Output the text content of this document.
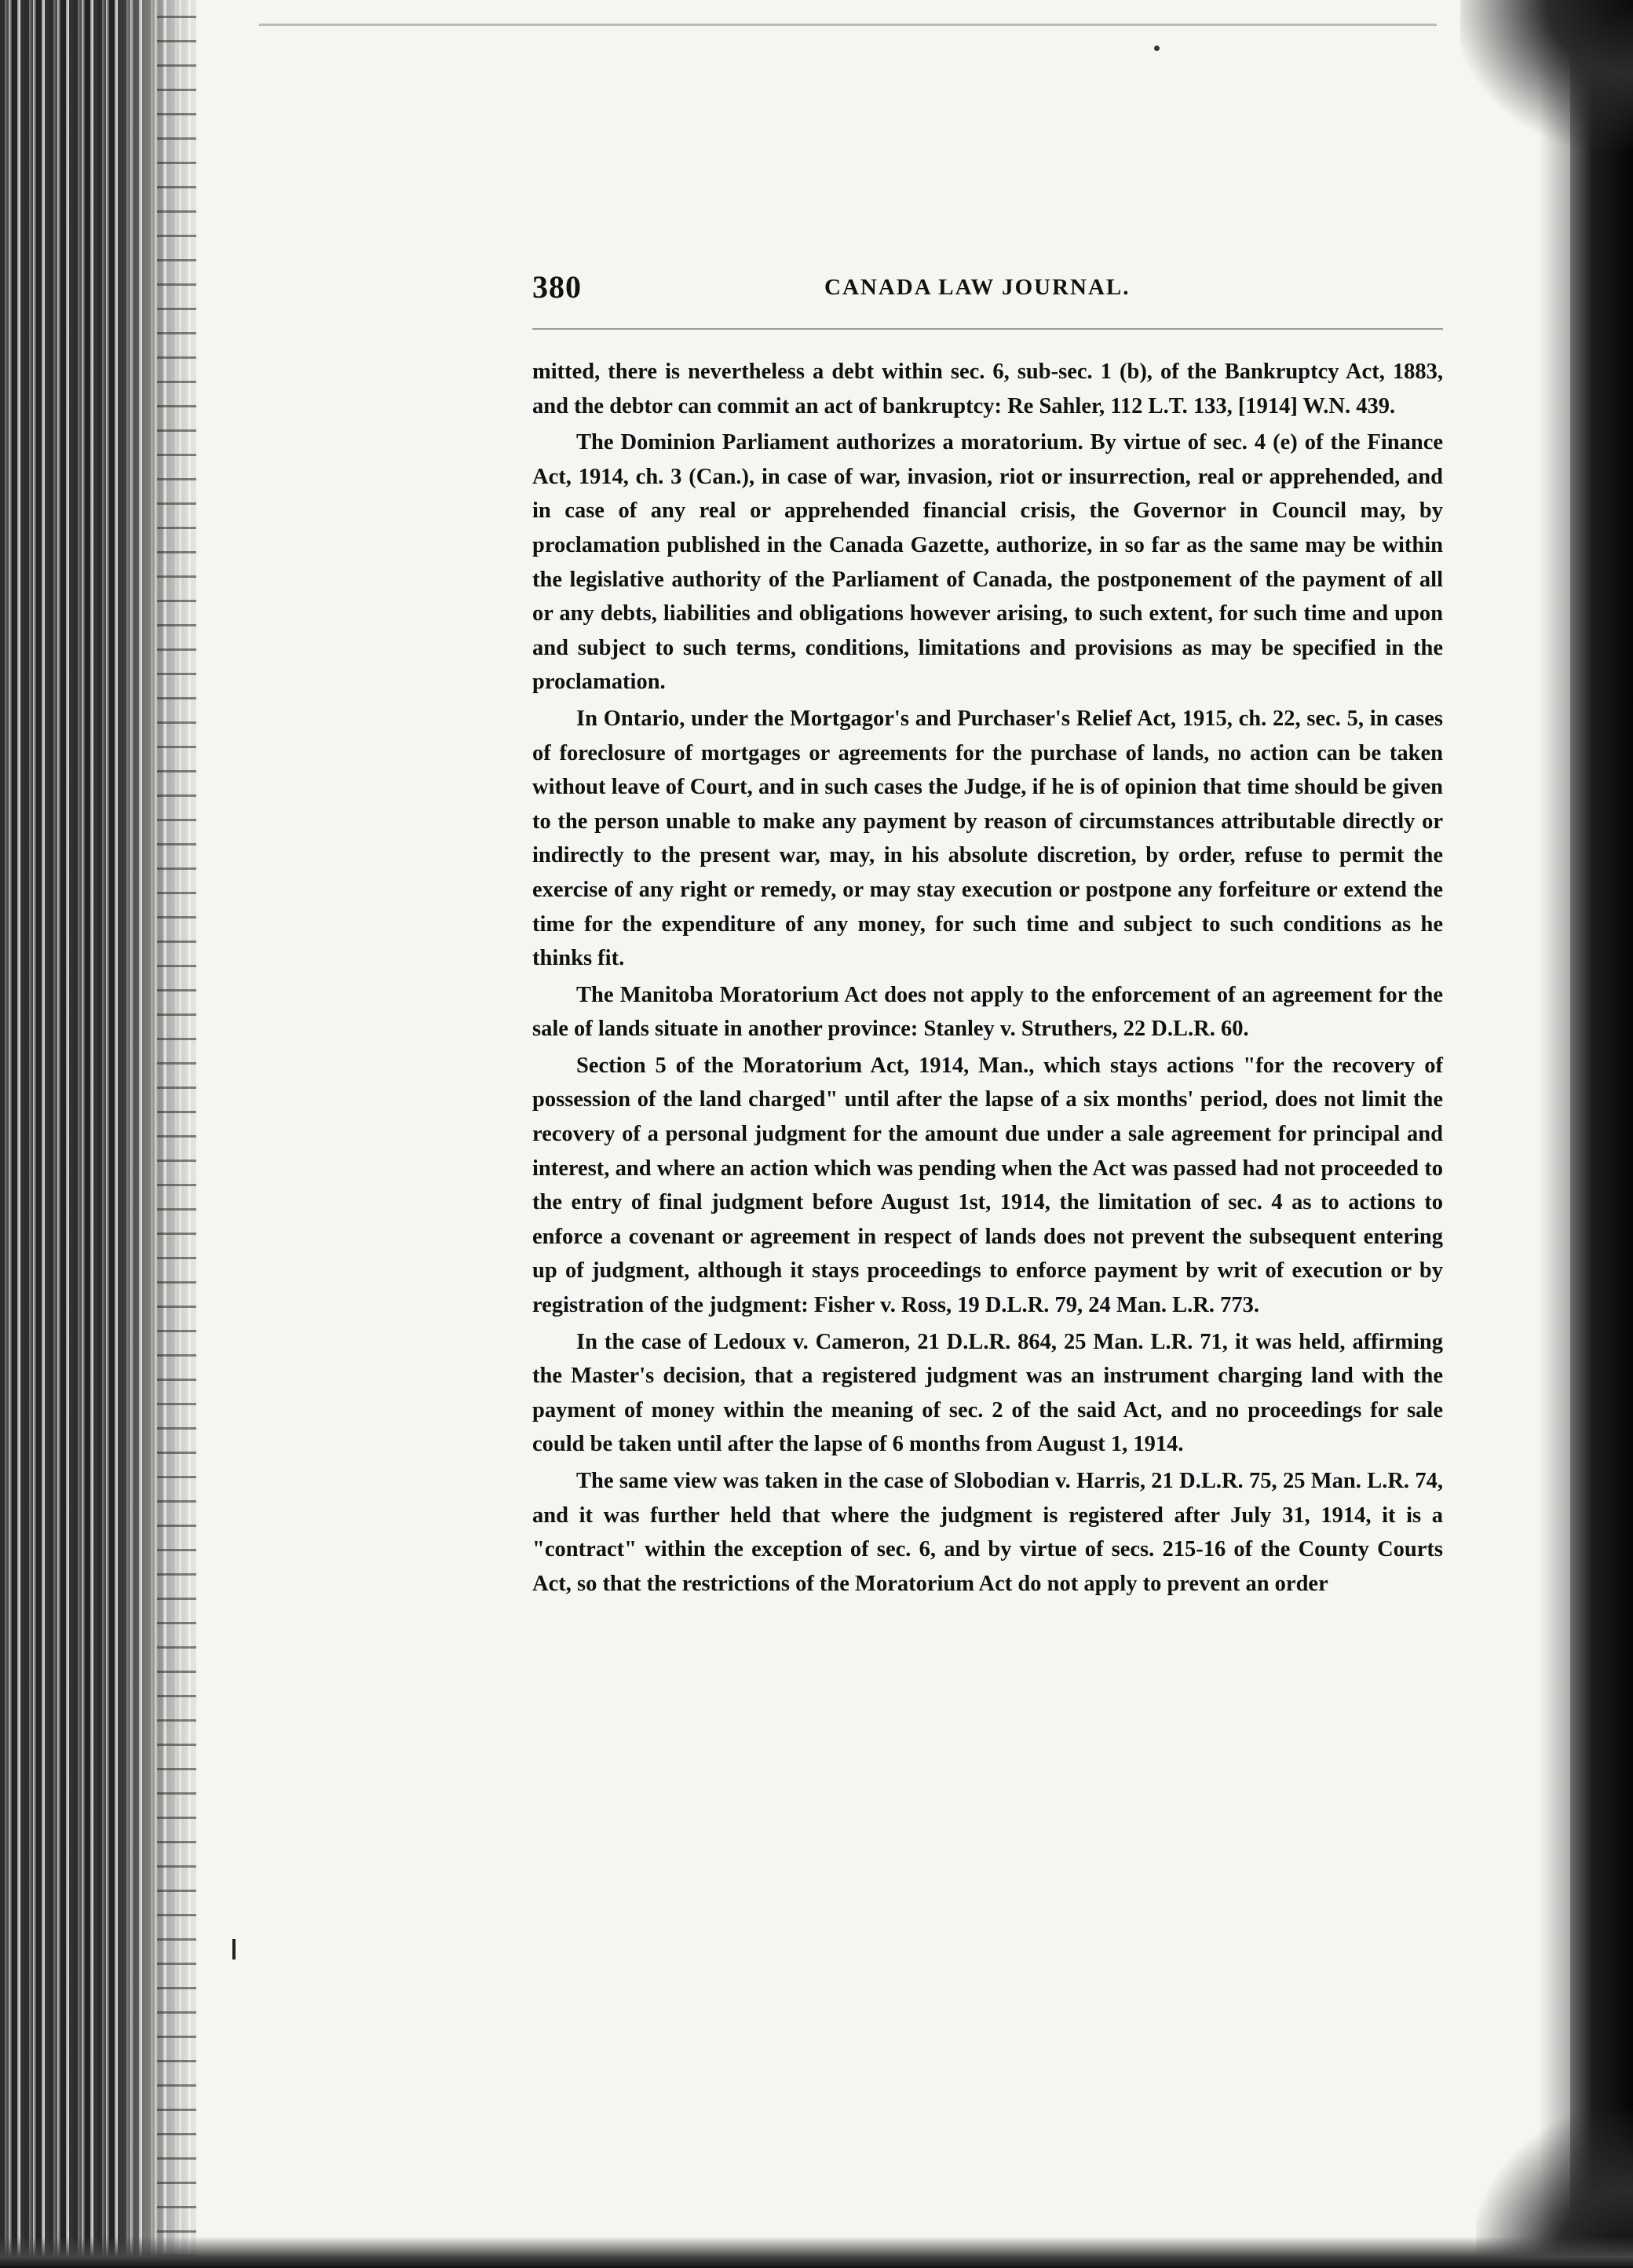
380	CANADA LAW JOURNAL.

mitted, there is nevertheless a debt within sec. 6, sub-sec. 1 (b), of the Bankruptcy Act, 1883, and the debtor can commit an act of bankruptcy: Re Sahler, 112 L.T. 133, [1914] W.N. 439.

The Dominion Parliament authorizes a moratorium. By virtue of sec. 4 (e) of the Finance Act, 1914, ch. 3 (Can.), in case of war, invasion, riot or insurrection, real or apprehended, and in case of any real or apprehended financial crisis, the Governor in Council may, by proclamation published in the Canada Gazette, authorize, in so far as the same may be within the legislative authority of the Parliament of Canada, the postponement of the payment of all or any debts, liabilities and obligations however arising, to such extent, for such time and upon and subject to such terms, conditions, limitations and provisions as may be specified in the proclamation.

In Ontario, under the Mortgagor's and Purchaser's Relief Act, 1915, ch. 22, sec. 5, in cases of foreclosure of mortgages or agreements for the purchase of lands, no action can be taken without leave of Court, and in such cases the Judge, if he is of opinion that time should be given to the person unable to make any payment by reason of circumstances attributable directly or indirectly to the present war, may, in his absolute discretion, by order, refuse to permit the exercise of any right or remedy, or may stay execution or postpone any forfeiture or extend the time for the expenditure of any money, for such time and subject to such conditions as he thinks fit.

The Manitoba Moratorium Act does not apply to the enforcement of an agreement for the sale of lands situate in another province: Stanley v. Struthers, 22 D.L.R. 60.

Section 5 of the Moratorium Act, 1914, Man., which stays actions "for the recovery of possession of the land charged" until after the lapse of a six months' period, does not limit the recovery of a personal judgment for the amount due under a sale agreement for principal and interest, and where an action which was pending when the Act was passed had not proceeded to the entry of final judgment before August 1st, 1914, the limitation of sec. 4 as to actions to enforce a covenant or agreement in respect of lands does not prevent the subsequent entering up of judgment, although it stays proceedings to enforce payment by writ of execution or by registration of the judgment: Fisher v. Ross, 19 D.L.R. 79, 24 Man. L.R. 773.

In the case of Ledoux v. Cameron, 21 D.L.R. 864, 25 Man. L.R. 71, it was held, affirming the Master's decision, that a registered judgment was an instrument charging land with the payment of money within the meaning of sec. 2 of the said Act, and no proceedings for sale could be taken until after the lapse of 6 months from August 1, 1914.

The same view was taken in the case of Slobodian v. Harris, 21 D.L.R. 75, 25 Man. L.R. 74, and it was further held that where the judgment is registered after July 31, 1914, it is a "contract" within the exception of sec. 6, and by virtue of secs. 215-16 of the County Courts Act, so that the restrictions of the Moratorium Act do not apply to prevent an order
